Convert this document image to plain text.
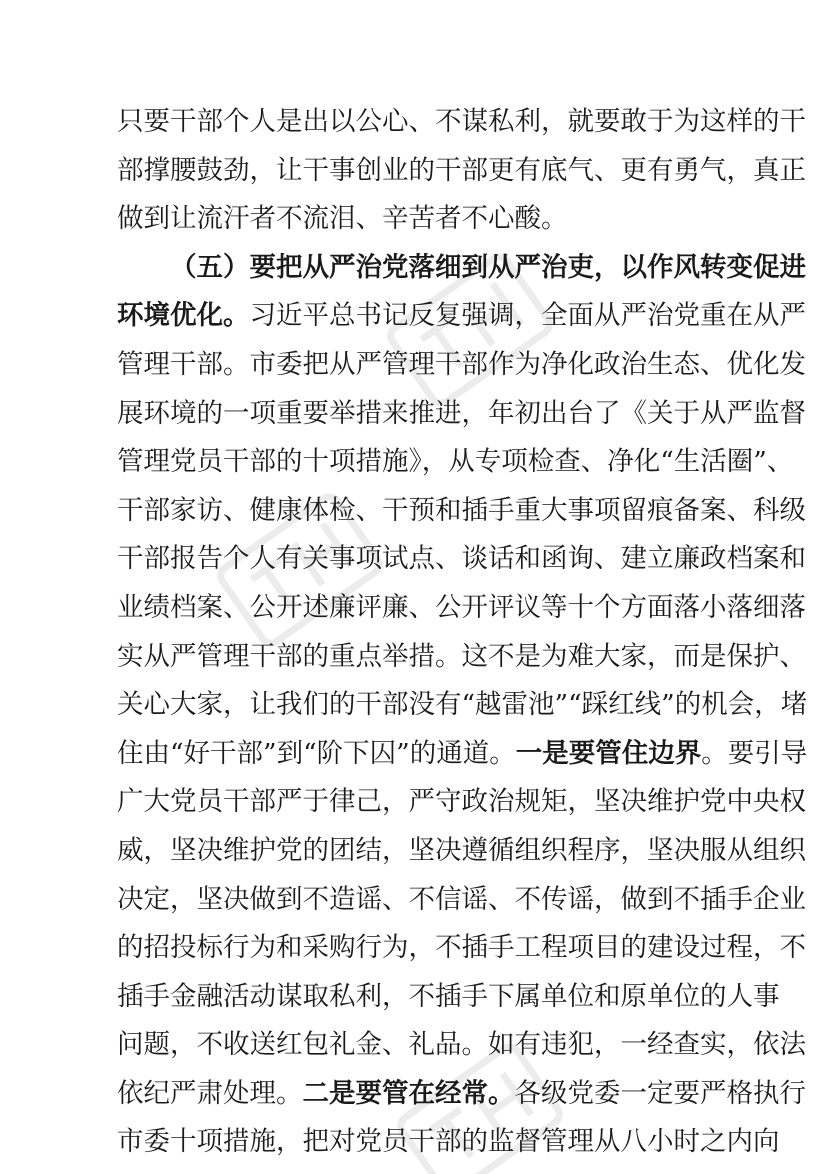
只要干部个人是出以公心、不谋私利，就要敢于为这样的干
部撑腰鼓劲，让干事创业的干部更有底气、更有勇气，真正
做到让流汗者不流泪、辛苦者不心酸。
（五）要把从严治党落细到从严治吏，以作风转变促进
环境优化。习近平总书记反复强调，全面从严治党重在从严
管理干部。市委把从严管理干部作为净化政治生态、优化发
展环境的一项重要举措来推进，年初出台了《关于从严监督
管理党员干部的十项措施》，从专项检查、净化“生活圈”、
干部家访、健康体检、干预和插手重大事项留痕备案、科级
干部报告个人有关事项试点、谈话和函询、建立廉政档案和
业绩档案、公开述廉评廉、公开评议等十个方面落小落细落
实从严管理干部的重点举措。这不是为难大家，而是保护、
关心大家，让我们的干部没有“越雷池”“踩红线”的机会，堵
住由“好干部”到“阶下囚”的通道。一是要管住边界。要引导
广大党员干部严于律己，严守政治规矩，坚决维护党中央权
威，坚决维护党的团结，坚决遵循组织程序，坚决服从组织
决定，坚决做到不造谣、不信谣、不传谣，做到不插手企业
的招投标行为和采购行为，不插手工程项目的建设过程，不
插手金融活动谋取私利，不插手下属单位和原单位的人事
问题，不收送红包礼金、礼品。如有违犯，一经查实，依法
依纪严肃处理。二是要管在经常。各级党委一定要严格执行
市委十项措施，把对党员干部的监督管理从八小时之内向
